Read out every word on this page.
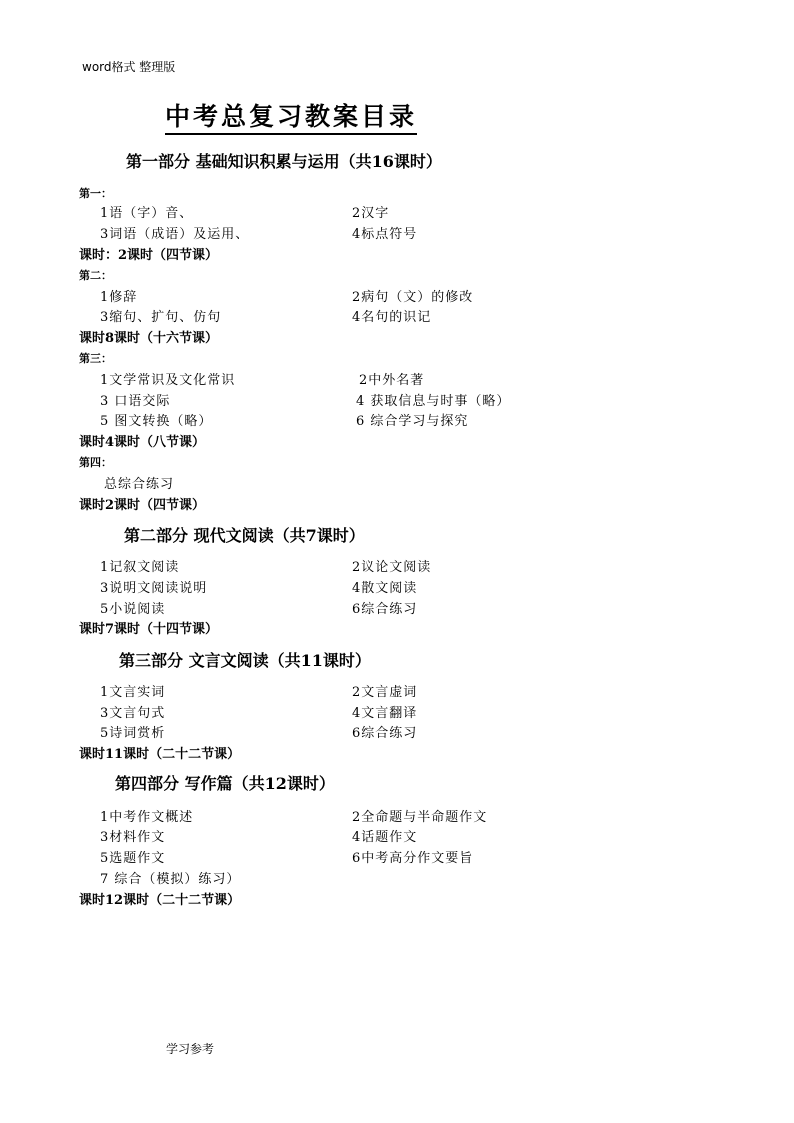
word格式 整理版
中考总复习教案目录
第一部分 基础知识积累与运用（共16课时）
第一：
1语（字）音、	2汉字
3词语（成语）及运用、	4标点符号
课时：2课时（四节课）
第二：
1修辞	2病句（文）的修改
3缩句、扩句、仿句	4名句的识记
课时8课时（十六节课）
第三：
1文学常识及文化常识	2中外名著
3 口语交际	4 获取信息与时事（略）
5 图文转换（略）	6 综合学习与探究
课时4课时（八节课）
第四：
总综合练习
课时2课时（四节课）
第二部分 现代文阅读（共7课时）
1记叙文阅读	2议论文阅读
3说明文阅读说明	4散文阅读
5小说阅读	6综合练习
课时7课时（十四节课）
第三部分 文言文阅读（共11课时）
1文言实词	2文言虚词
3文言句式	4文言翻译
5诗词赏析	6综合练习
课时11课时（二十二节课）
第四部分 写作篇（共12课时）
1中考作文概述	2全命题与半命题作文
3材料作文	4话题作文
5选题作文	6中考高分作文要旨
7 综合（模拟）练习）
课时12课时（二十二节课）
学习参考
